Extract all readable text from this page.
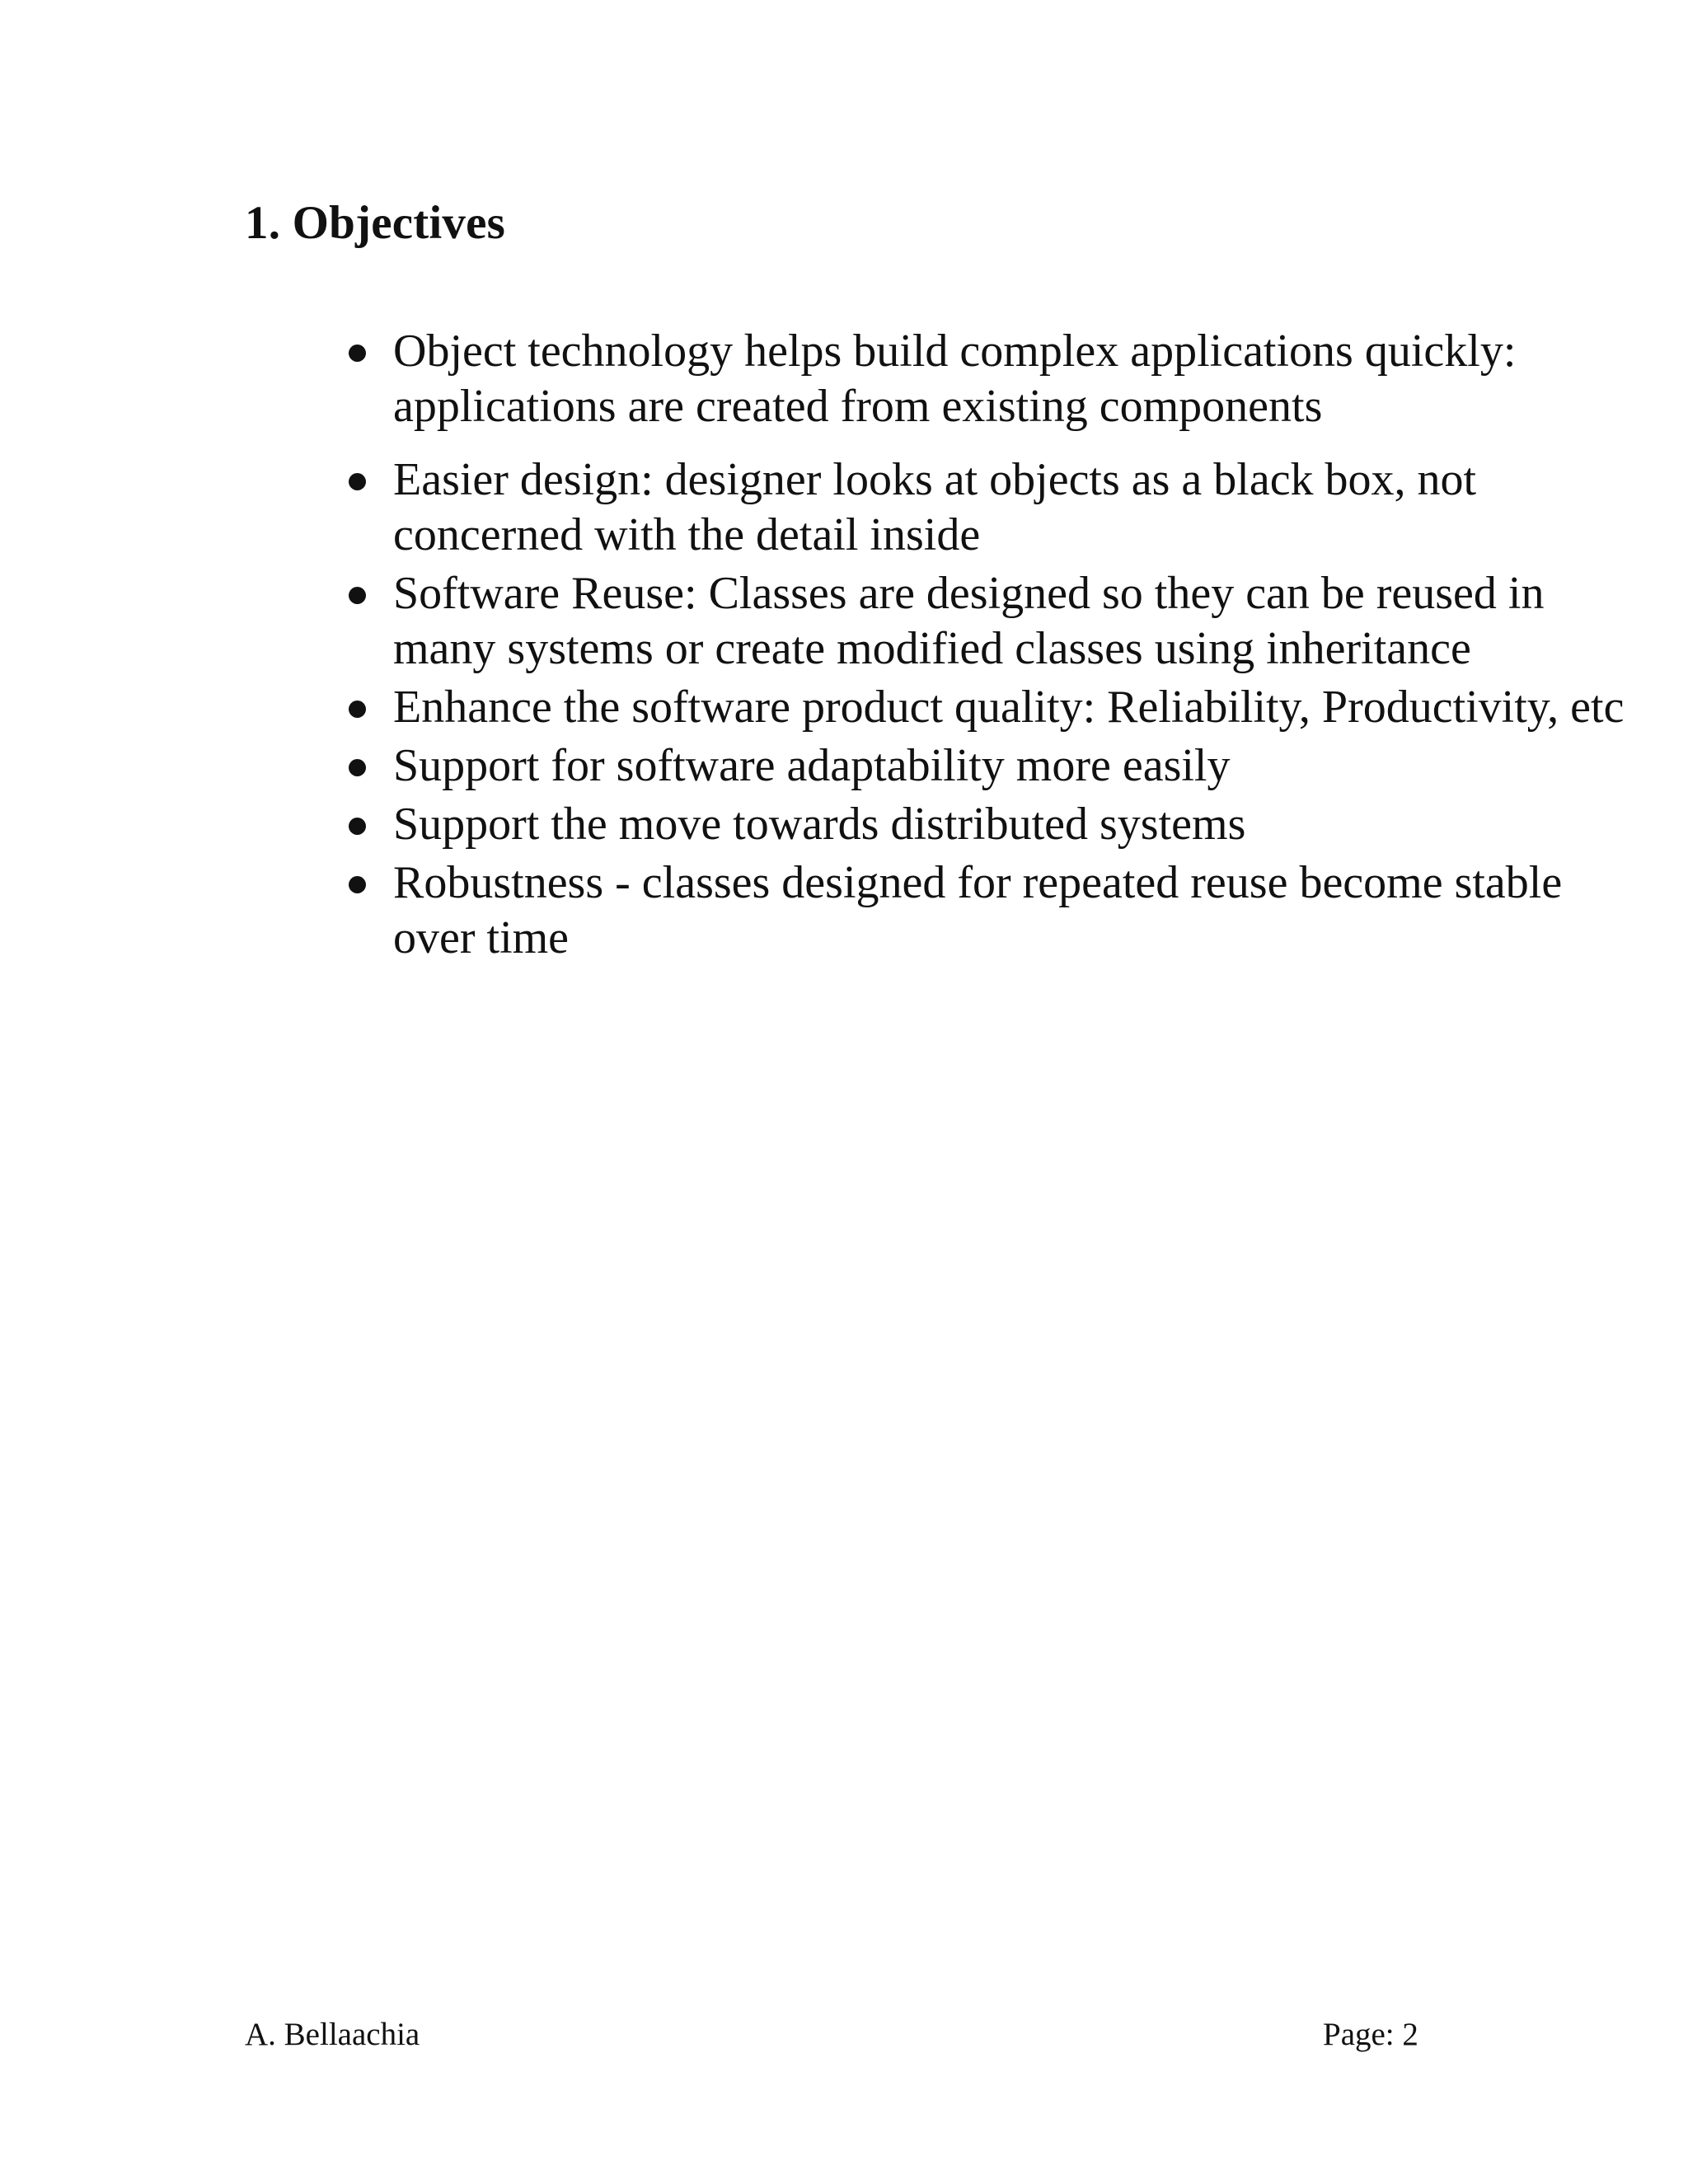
1. Objectives
Object technology helps build complex applications quickly: applications are created from existing components
Easier design: designer looks at objects as a black box, not concerned with the detail inside
Software Reuse: Classes are designed so they can be reused in many systems or create modified classes using inheritance
Enhance the software product quality: Reliability, Productivity, etc
Support for software adaptability more easily
Support the move towards distributed systems
Robustness - classes designed for repeated reuse become stable over time
A. Bellaachia	Page: 2
